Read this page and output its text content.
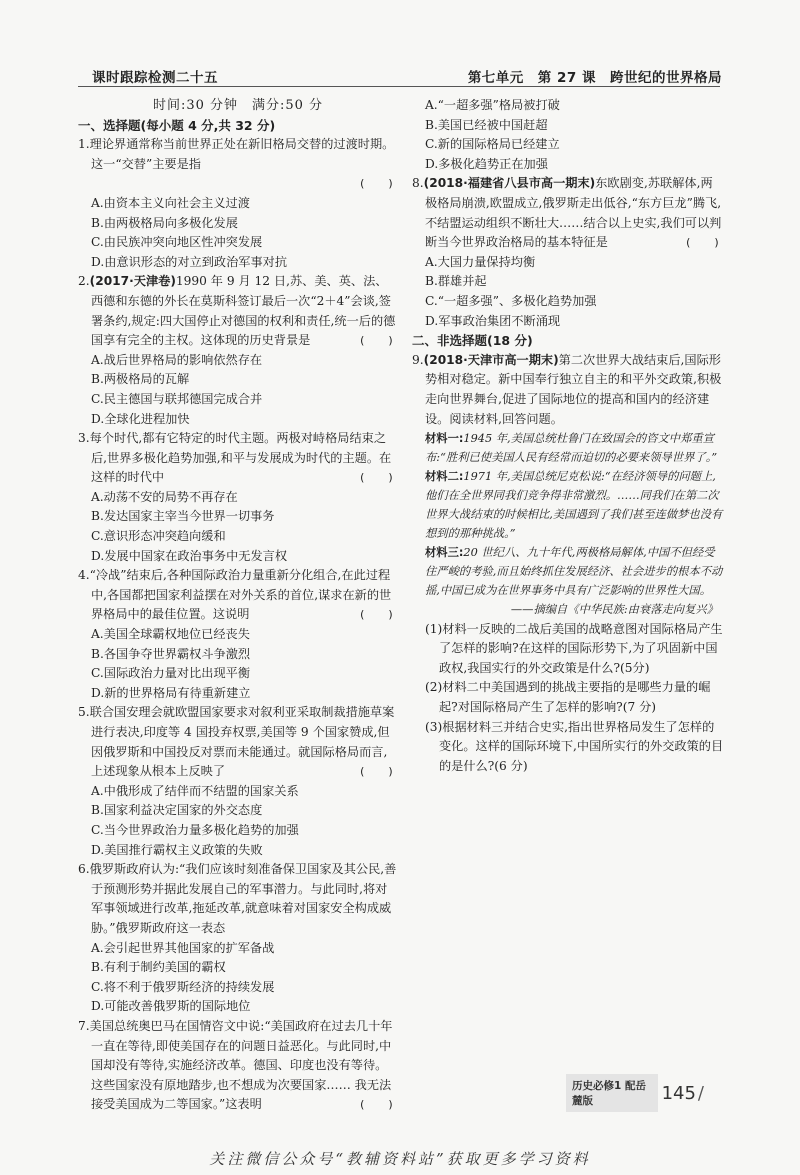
课时跟踪检测二十五	第七单元　第 27 课　跨世纪的世界格局

时间:30 分钟　满分:50 分

一、选择题(每小题 4 分,共 32 分)

1.理论界通常称当前世界正处在新旧格局交替的过渡时期。这一“交替”主要是指

(　　)

A.由资本主义向社会主义过渡

B.由两极格局向多极化发展

C.由民族冲突向地区性冲突发展

D.由意识形态的对立到政治军事对抗

2.(2017·天津卷)1990 年 9 月 12 日,苏、美、英、法、西德和东德的外长在莫斯科签订最后一次“2＋4”会谈,签署条约,规定:四大国停止对德国的权利和责任,统一后的德国享有完全的主权。这体现的历史背景是	(　　)

A.战后世界格局的影响依然存在

B.两极格局的瓦解

C.民主德国与联邦德国完成合并

D.全球化进程加快

3.每个时代,都有它特定的时代主题。两极对峙格局结束之后,世界多极化趋势加强,和平与发展成为时代的主题。在这样的时代中	(　　)

A.动荡不安的局势不再存在

B.发达国家主宰当今世界一切事务

C.意识形态冲突趋向缓和

D.发展中国家在政治事务中无发言权

4.“冷战”结束后,各种国际政治力量重新分化组合,在此过程中,各国都把国家利益摆在对外关系的首位,谋求在新的世界格局中的最佳位置。这说明	(　　)

A.美国全球霸权地位已经丧失

B.各国争夺世界霸权斗争激烈

C.国际政治力量对比出现平衡

D.新的世界格局有待重新建立

5.联合国安理会就欧盟国家要求对叙利亚采取制裁措施草案进行表决,印度等 4 国投弃权票,美国等 9 个国家赞成,但因俄罗斯和中国投反对票而未能通过。就国际格局而言,上述现象从根本上反映了	(　　)

A.中俄形成了结伴而不结盟的国家关系

B.国家利益决定国家的外交态度

C.当今世界政治力量多极化趋势的加强

D.美国推行霸权主义政策的失败

6.俄罗斯政府认为:“我们应该时刻准备保卫国家及其公民,善于预测形势并据此发展自己的军事潜力。与此同时,将对军事领域进行改革,拖延改革,就意味着对国家安全构成威胁。”俄罗斯政府这一表态

A.会引起世界其他国家的扩军备战

B.有利于制约美国的霸权

C.将不利于俄罗斯经济的持续发展

D.可能改善俄罗斯的国际地位

7.美国总统奥巴马在国情咨文中说:“美国政府在过去几十年一直在等待,即使美国存在的问题日益恶化。与此同时,中国却没有等待,实施经济改革。德国、印度也没有等待。这些国家没有原地踏步,也不想成为次要国家…… 我无法接受美国成为二等国家。”这表明	(　　)

A.“一超多强”格局被打破

B.美国已经被中国赶超

C.新的国际格局已经建立

D.多极化趋势正在加强

8.(2018·福建省八县市高一期末)东欧剧变,苏联解体,两极格局崩溃,欧盟成立,俄罗斯走出低谷,“东方巨龙”腾飞,不结盟运动组织不断壮大……结合以上史实,我们可以判断当今世界政治格局的基本特征是	(　　)

A.大国力量保持均衡

B.群雄并起

C.“一超多强”、多极化趋势加强

D.军事政治集团不断涌现

二、非选择题(18 分)

9.(2018·天津市高一期末)第二次世界大战结束后,国际形势相对稳定。新中国奉行独立自主的和平外交政策,积极走向世界舞台,促进了国际地位的提高和国内的经济建设。阅读材料,回答问题。

材料一:1945 年,美国总统杜鲁门在致国会的咨文中郑重宣布:“胜利已使美国人民有经常而迫切的必要来领导世界了。”

材料二:1971 年,美国总统尼克松说:“在经济领导的问题上,他们在全世界同我们竞争得非常激烈。……同我们在第二次世界大战结束的时候相比,美国遇到了我们甚至连做梦也没有想到的那种挑战。”

材料三:20 世纪八、九十年代,两极格局解体,中国不但经受住严峻的考验,而且始终抓住发展经济、社会进步的根本不动摇,中国已成为在世界事务中具有广泛影响的世界性大国。

——摘编自《中华民族:由衰落走向复兴》

(1)材料一反映的二战后美国的战略意图对国际格局产生了怎样的影响?在这样的国际形势下,为了巩固新中国政权,我国实行的外交政策是什么?(5分)

(2)材料二中美国遇到的挑战主要指的是哪些力量的崛起?对国际格局产生了怎样的影响?(7 分)

(3)根据材料三并结合史实,指出世界格局发生了怎样的变化。这样的国际环境下,中国所实行的外交政策的目的是什么?(6 分)

历史必修1 配岳麓版	145 /
关注微信公众号“教辅资料站”获取更多学习资料
